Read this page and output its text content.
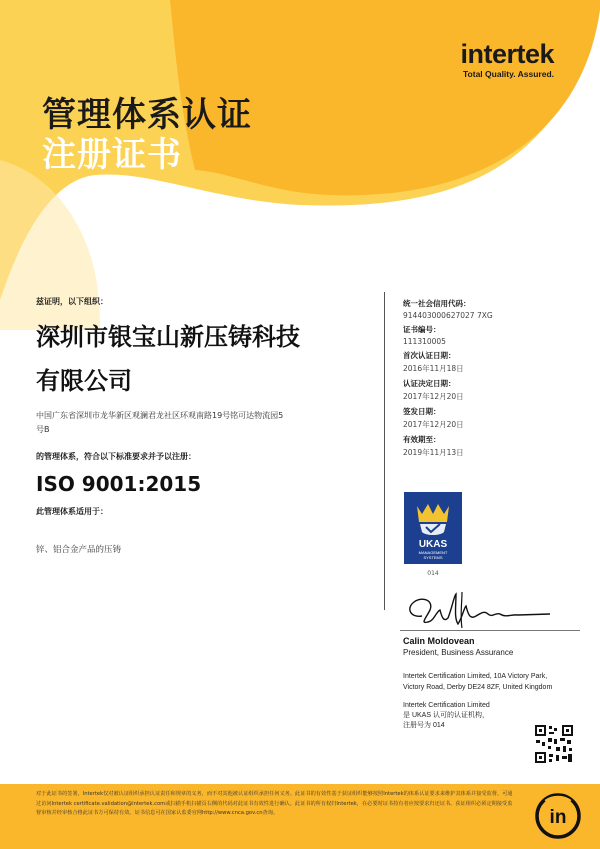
intertek
Total Quality. Assured.
管理体系认证
注册证书
兹证明，以下组织：
深圳市银宝山新压铸科技
有限公司
中国广东省深圳市龙华新区观澜君龙社区环观南路19号铭可达物流园5
号B
的管理体系，符合以下标准要求并予以注册：
ISO 9001:2015
此管理体系适用于：
锌、铝合金产品的压铸
统一社会信用代码：
914403000627027 7XG
证书编号：
111310005
首次认证日期：
2016年11月18日
认证决定日期：
2017年12月20日
签发日期：
2017年12月20日
有效期至：
2019年11月13日
UKAS
MANAGEMENT
SYSTEMS
014
Calin Moldovean
President, Business Assurance
Intertek Certification Limited, 10A Victory Park, Victory Road, Derby DE24 8ZF, United Kingdom
Intertek Certification Limited
是 UKAS 认可的认证机构，
注册号为 014
对于此证书的签署，Intertek仅对被认证组织承担认证责任和规章的义务，而不对其他被认证组织承担任何义务。此证书的有效性基于获证组织能够按照Intertek的体系认证要求来维护其体系并接受监督。可通过访问Intertek certificate.validation@intertek.com或扫描手机扫描页右侧的代码对此证书有效性进行确认。此证书的所有权归Intertek，在必要时证书持有者应按要求归还证书。获证组织必须定期接受监督审核并经审核合格此证书方可保持有效。证书信息可在国家认监委官网http://www.cnca.gov.cn查询。	in
